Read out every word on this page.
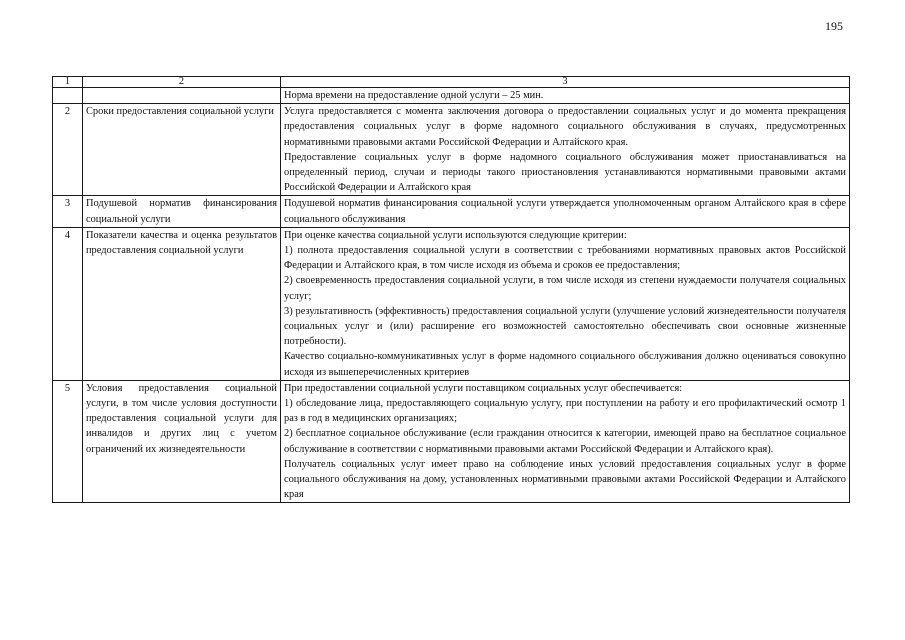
195
1	2	3

		Норма времени на предоставление одной услуги – 25 мин.

2	Сроки предоставления социальной услуги	Услуга предоставляется с момента заключения договора о предоставлении социальных услуг и до момента прекращения предоставления социальных услуг в форме надомного социального обслуживания в случаях, предусмотренных нормативными правовыми актами Российской Федерации и Алтайского края.

Предоставление социальных услуг в форме надомного социального обслуживания может приостанавливаться на определенный период, случаи и периоды такого приостановления устанавливаются нормативными правовыми актами Российской Федерации и Алтайского края

3	Подушевой норматив финансирования социальной услуги	Подушевой норматив финансирования социальной услуги утверждается уполномоченным органом Алтайского края в сфере социального обслуживания

4	Показатели качества и оценка результатов предоставления социальной услуги	При оценке качества социальной услуги используются следующие критерии:

1) полнота предоставления социальной услуги в соответствии с требованиями нормативных правовых актов Российской Федерации и Алтайского края, в том числе исходя из объема и сроков ее предоставления;

2) своевременность предоставления социальной услуги, в том числе исходя из степени нуждаемости получателя социальных услуг;

3) результативность (эффективность) предоставления социальной услуги (улучшение условий жизнедеятельности получателя социальных услуг и (или) расширение его возможностей самостоятельно обеспечивать свои основные жизненные потребности).

Качество социально-коммуникативных услуг в форме надомного социального обслуживания должно оцениваться совокупно исходя из вышеперечисленных критериев

5	Условия предоставления социальной услуги, в том числе условия доступности предоставления социальной услуги для инвалидов и других лиц с учетом ограничений их жизнедеятельности	При предоставлении социальной услуги поставщиком социальных услуг обеспечивается:

1) обследование лица, предоставляющего социальную услугу, при поступлении на работу и его профилактический осмотр 1 раз в год в медицинских организациях;

2) бесплатное социальное обслуживание (если гражданин относится к категории, имеющей право на бесплатное социальное обслуживание в соответствии с нормативными правовыми актами Российской Федерации и Алтайского края).

Получатель социальных услуг имеет право на соблюдение иных условий предоставления социальных услуг в форме социального обслуживания на дому, установленных нормативными правовыми актами Российской Федерации и Алтайского края
